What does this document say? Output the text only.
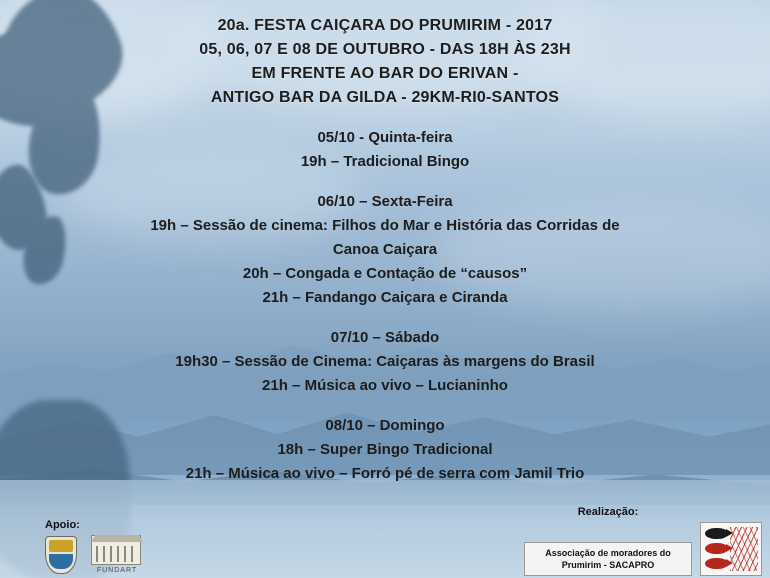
20a. FESTA CAIÇARA DO PRUMIRIM - 2017
05, 06, 07 E 08 DE OUTUBRO - DAS 18H ÀS 23H
EM FRENTE AO BAR DO ERIVAN -
ANTIGO BAR DA GILDA - 29KM-RI0-SANTOS
05/10 - Quinta-feira
19h – Tradicional Bingo
06/10 – Sexta-Feira
19h – Sessão de cinema: Filhos do Mar e História das Corridas de
Canoa Caiçara
20h – Congada e Contação de “causos”
21h – Fandango Caiçara e Ciranda
07/10 – Sábado
19h30 – Sessão de Cinema: Caiçaras às margens do Brasil
21h – Música ao vivo – Lucianinho
08/10 – Domingo
18h – Super Bingo Tradicional
21h – Música ao vivo – Forró pé de serra com Jamil Trio
Apoio:
FUNDART
Realização:
Associação de moradores do
Prumirim - SACAPRO
